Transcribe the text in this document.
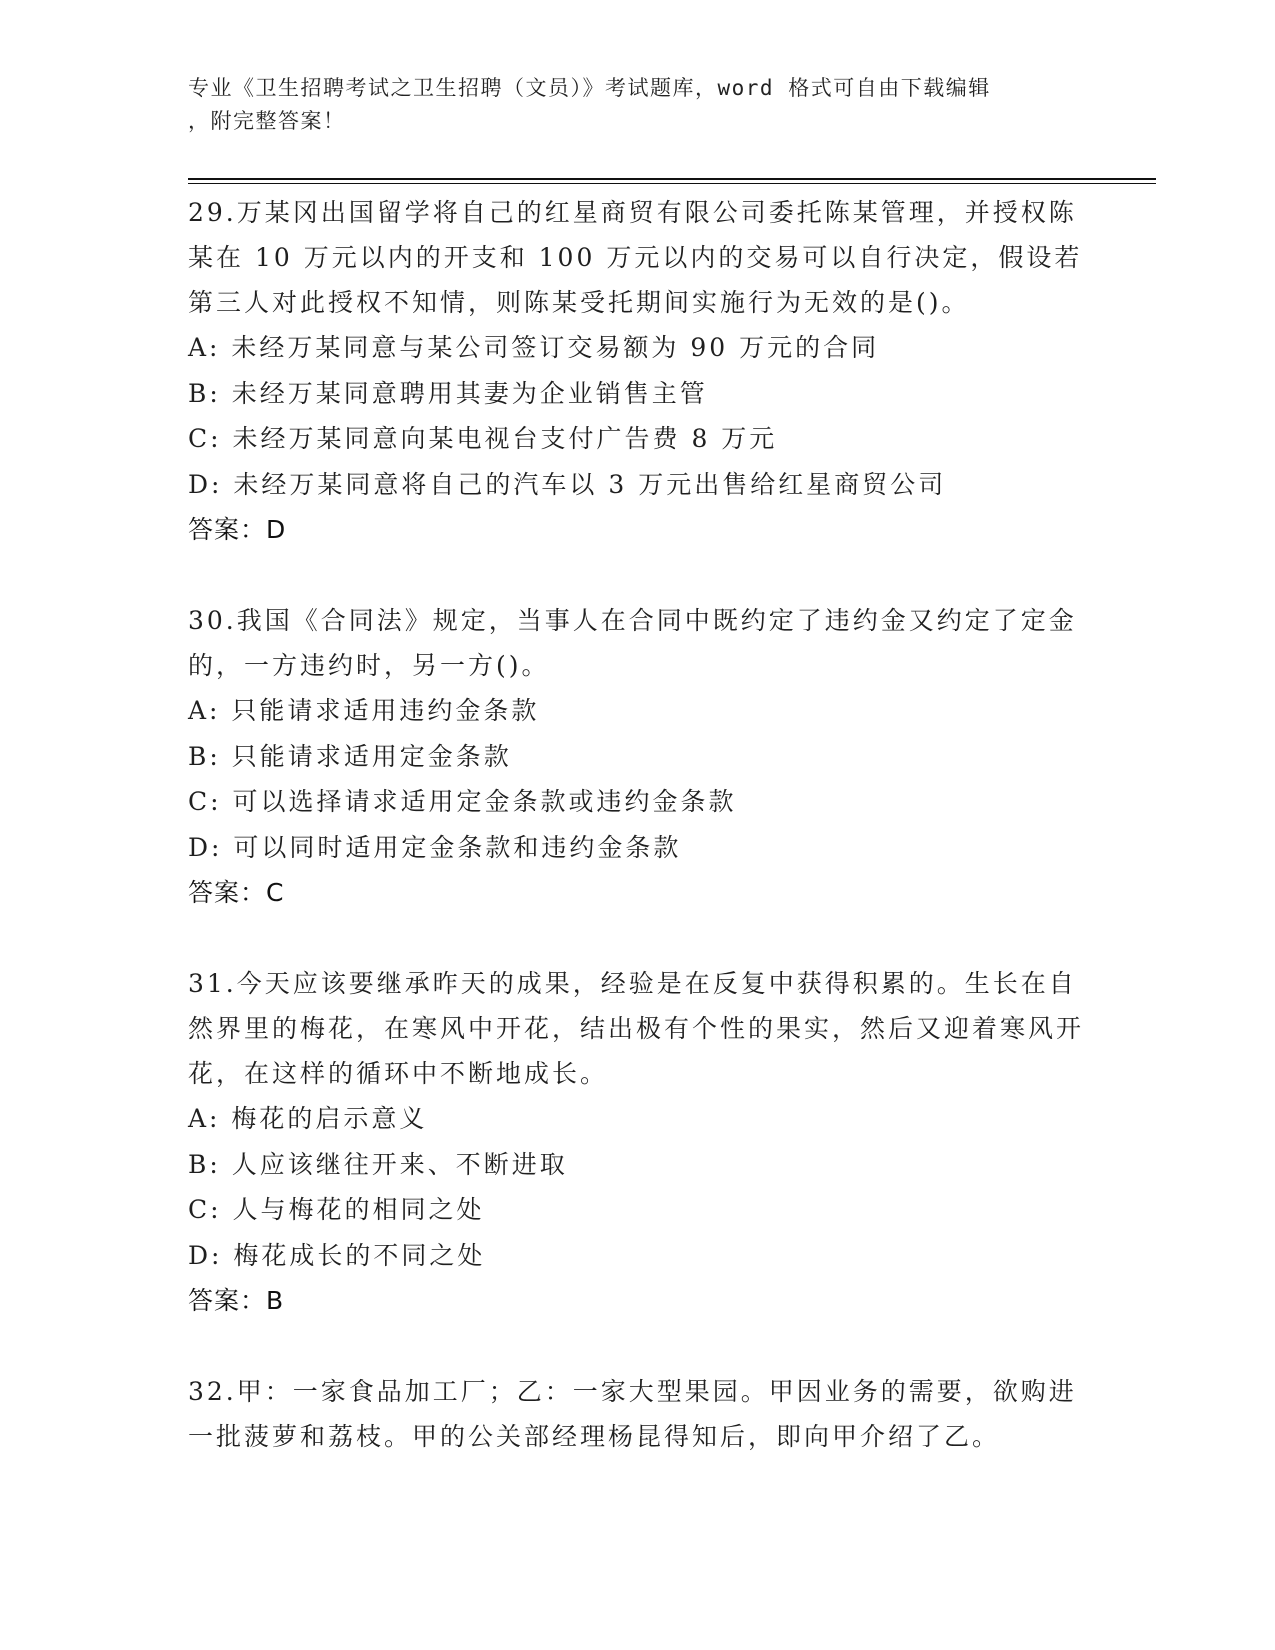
专业《卫生招聘考试之卫生招聘（文员）》考试题库，word 格式可自由下载编辑
，附完整答案！
29.万某冈出国留学将自己的红星商贸有限公司委托陈某管理，并授权陈某在 10 万元以内的开支和 100 万元以内的交易可以自行决定，假设若第三人对此授权不知情，则陈某受托期间实施行为无效的是()。
A: 未经万某同意与某公司签订交易额为 90 万元的合同
B: 未经万某同意聘用其妻为企业销售主管
C: 未经万某同意向某电视台支付广告费 8 万元
D: 未经万某同意将自己的汽车以 3 万元出售给红星商贸公司
答案：D
30.我国《合同法》规定，当事人在合同中既约定了违约金又约定了定金的，一方违约时，另一方()。
A: 只能请求适用违约金条款
B: 只能请求适用定金条款
C: 可以选择请求适用定金条款或违约金条款
D: 可以同时适用定金条款和违约金条款
答案：C
31.今天应该要继承昨天的成果，经验是在反复中获得积累的。生长在自然界里的梅花，在寒风中开花，结出极有个性的果实，然后又迎着寒风开花，在这样的循环中不断地成长。
A: 梅花的启示意义
B: 人应该继往开来、不断进取
C: 人与梅花的相同之处
D: 梅花成长的不同之处
答案：B
32.甲：一家食品加工厂；乙：一家大型果园。甲因业务的需要，欲购进一批菠萝和荔枝。甲的公关部经理杨昆得知后，即向甲介绍了乙。
